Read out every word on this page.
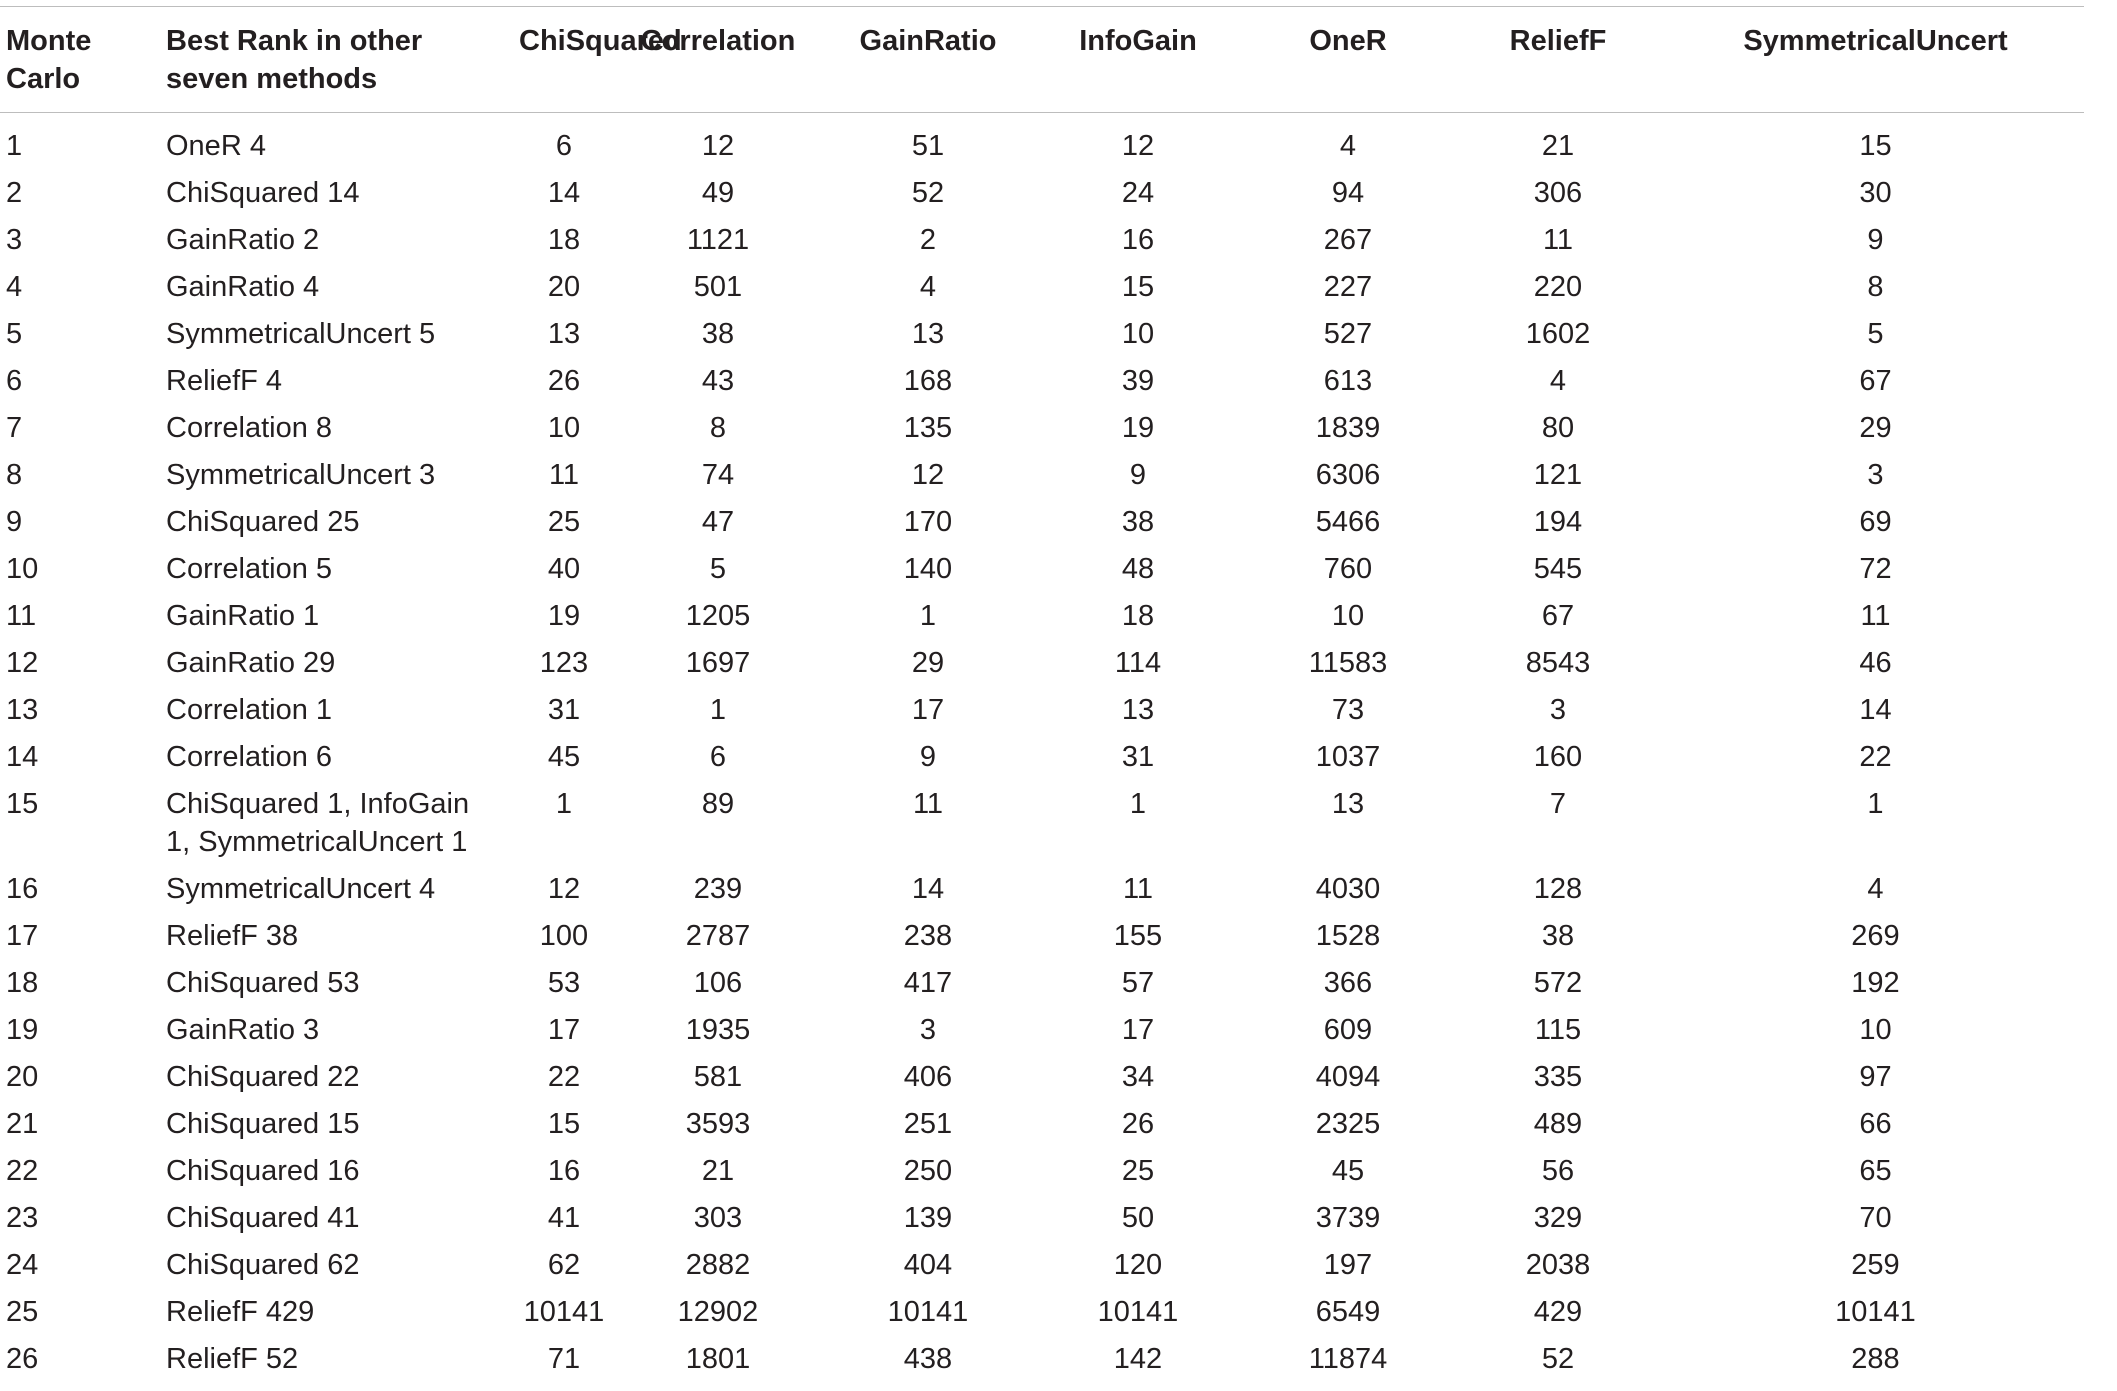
Monte
Carlo	Best Rank in other
seven methods	ChiSquared	Correlation	GainRatio	InfoGain	OneR	ReliefF	SymmetricalUncert
1	OneR 4	6	12	51	12	4	21	15
2	ChiSquared 14	14	49	52	24	94	306	30
3	GainRatio 2	18	1121	2	16	267	11	9
4	GainRatio 4	20	501	4	15	227	220	8
5	SymmetricalUncert 5	13	38	13	10	527	1602	5
6	ReliefF 4	26	43	168	39	613	4	67
7	Correlation 8	10	8	135	19	1839	80	29
8	SymmetricalUncert 3	11	74	12	9	6306	121	3
9	ChiSquared 25	25	47	170	38	5466	194	69
10	Correlation 5	40	5	140	48	760	545	72
11	GainRatio 1	19	1205	1	18	10	67	11
12	GainRatio 29	123	1697	29	114	11583	8543	46
13	Correlation 1	31	1	17	13	73	3	14
14	Correlation 6	45	6	9	31	1037	160	22
15	ChiSquared 1, InfoGain
1, SymmetricalUncert 1	1	89	11	1	13	7	1
16	SymmetricalUncert 4	12	239	14	11	4030	128	4
17	ReliefF 38	100	2787	238	155	1528	38	269
18	ChiSquared 53	53	106	417	57	366	572	192
19	GainRatio 3	17	1935	3	17	609	115	10
20	ChiSquared 22	22	581	406	34	4094	335	97
21	ChiSquared 15	15	3593	251	26	2325	489	66
22	ChiSquared 16	16	21	250	25	45	56	65
23	ChiSquared 41	41	303	139	50	3739	329	70
24	ChiSquared 62	62	2882	404	120	197	2038	259
25	ReliefF 429	10141	12902	10141	10141	6549	429	10141
26	ReliefF 52	71	1801	438	142	11874	52	288
